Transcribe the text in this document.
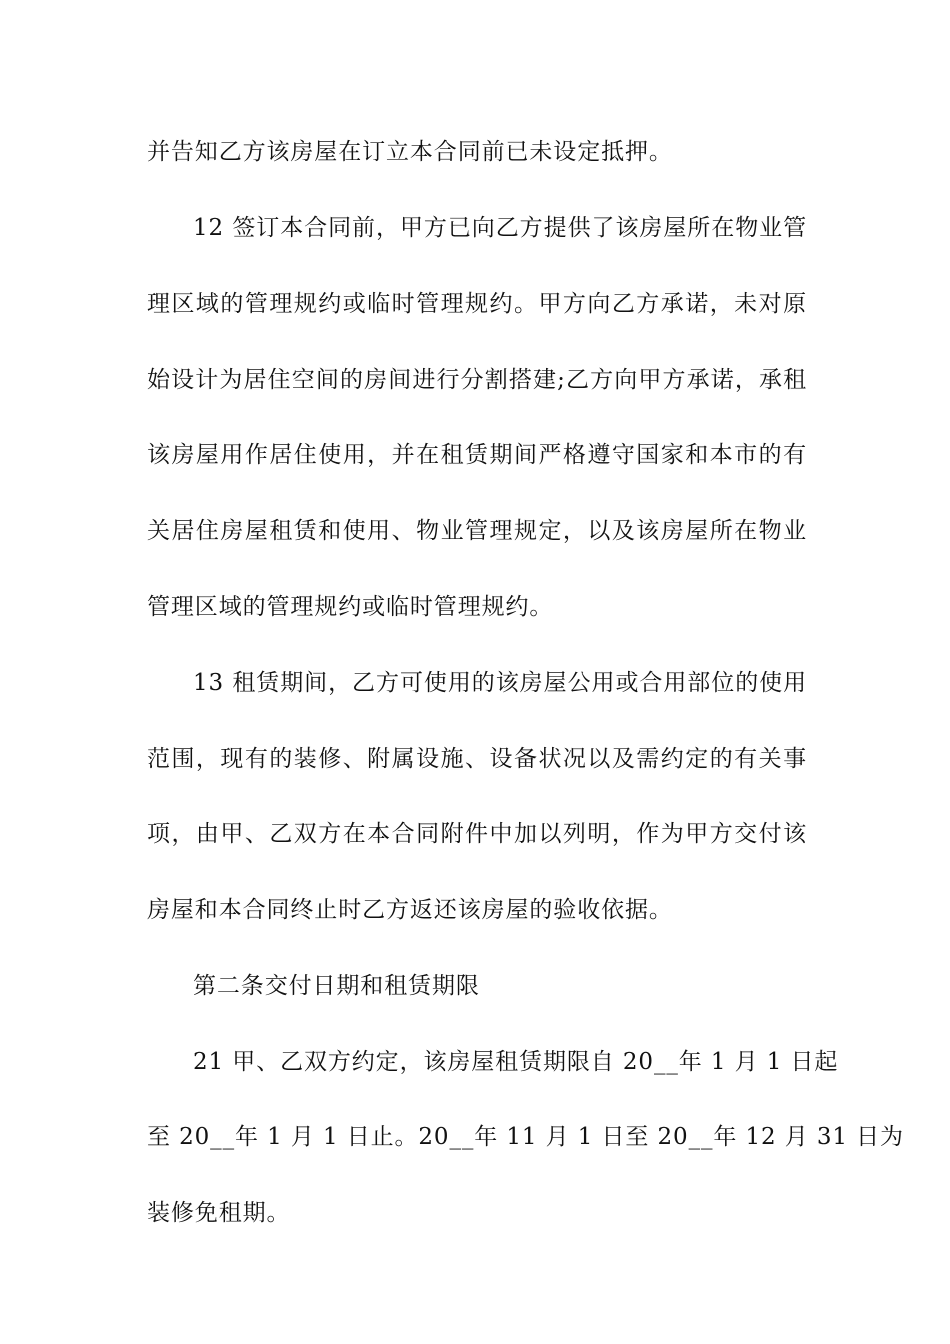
并告知乙方该房屋在订立本合同前已未设定抵押。
12 签订本合同前，甲方已向乙方提供了该房屋所在物业管
理区域的管理规约或临时管理规约。甲方向乙方承诺，未对原
始设计为居住空间的房间进行分割搭建;乙方向甲方承诺，承租
该房屋用作居住使用，并在租赁期间严格遵守国家和本市的有
关居住房屋租赁和使用、物业管理规定，以及该房屋所在物业
管理区域的管理规约或临时管理规约。
13 租赁期间，乙方可使用的该房屋公用或合用部位的使用
范围，现有的装修、附属设施、设备状况以及需约定的有关事
项，由甲、乙双方在本合同附件中加以列明，作为甲方交付该
房屋和本合同终止时乙方返还该房屋的验收依据。
第二条交付日期和租赁期限
21 甲、乙双方约定，该房屋租赁期限自 20__年 1 月 1 日起
至 20__年 1 月 1 日止。20__年 11 月 1 日至 20__年 12 月 31 日为
装修免租期。
